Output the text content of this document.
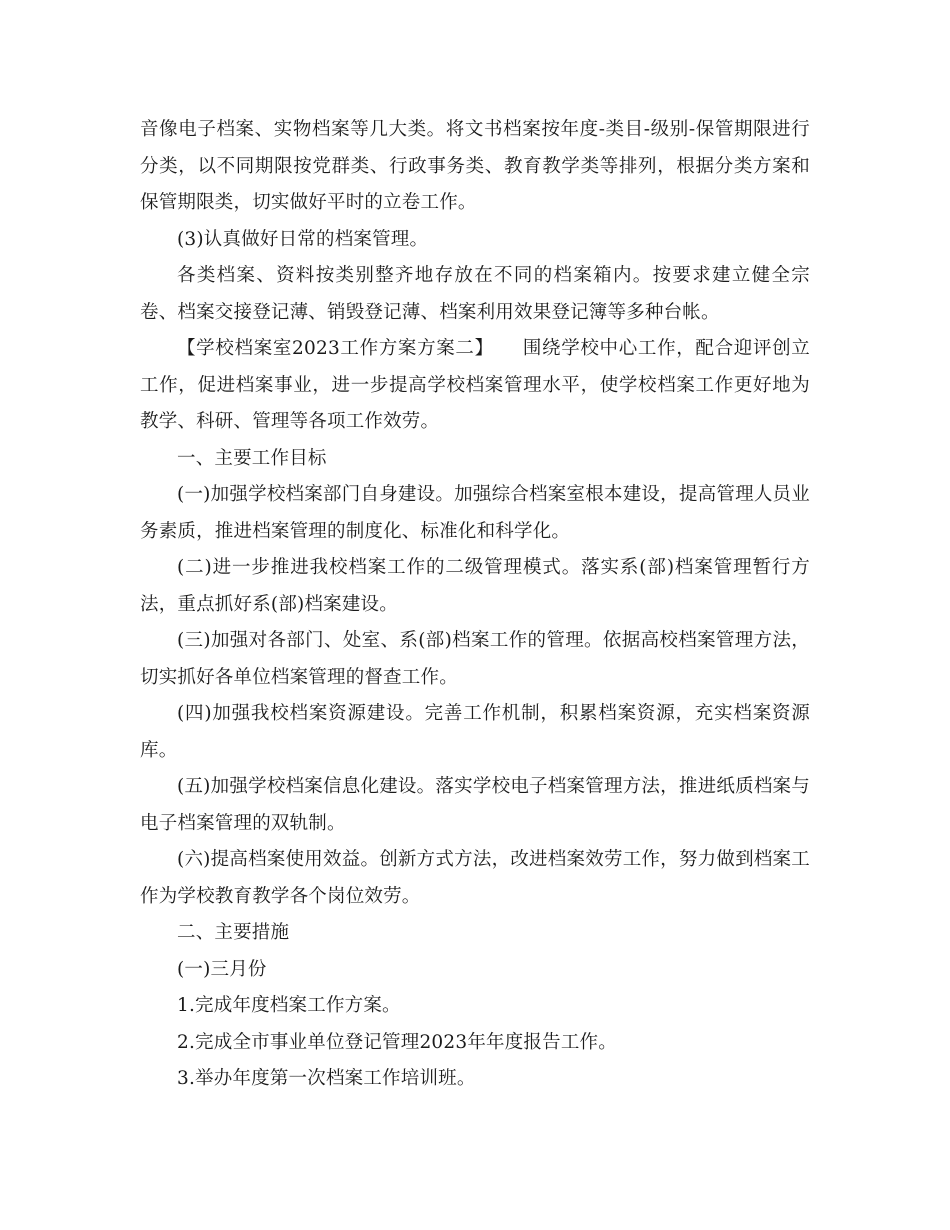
音像电子档案、实物档案等几大类。将文书档案按年度-类目-级别-保管期限进行分类，以不同期限按党群类、行政事务类、教育教学类等排列，根据分类方案和保管期限类，切实做好平时的立卷工作。

(3)认真做好日常的档案管理。

各类档案、资料按类别整齐地存放在不同的档案箱内。按要求建立健全宗卷、档案交接登记薄、销毁登记薄、档案利用效果登记簿等多种台帐。

【学校档案室2023工作方案方案二】　　围绕学校中心工作，配合迎评创立工作，促进档案事业，进一步提高学校档案管理水平，使学校档案工作更好地为教学、科研、管理等各项工作效劳。

一、主要工作目标

(一)加强学校档案部门自身建设。加强综合档案室根本建设，提高管理人员业务素质，推进档案管理的制度化、标准化和科学化。

(二)进一步推进我校档案工作的二级管理模式。落实系(部)档案管理暂行方法，重点抓好系(部)档案建设。

(三)加强对各部门、处室、系(部)档案工作的管理。依据高校档案管理方法，切实抓好各单位档案管理的督查工作。

(四)加强我校档案资源建设。完善工作机制，积累档案资源，充实档案资源库。

(五)加强学校档案信息化建设。落实学校电子档案管理方法，推进纸质档案与电子档案管理的双轨制。

(六)提高档案使用效益。创新方式方法，改进档案效劳工作，努力做到档案工作为学校教育教学各个岗位效劳。

二、主要措施

(一)三月份

1.完成年度档案工作方案。

2.完成全市事业单位登记管理2023年年度报告工作。

3.举办年度第一次档案工作培训班。
